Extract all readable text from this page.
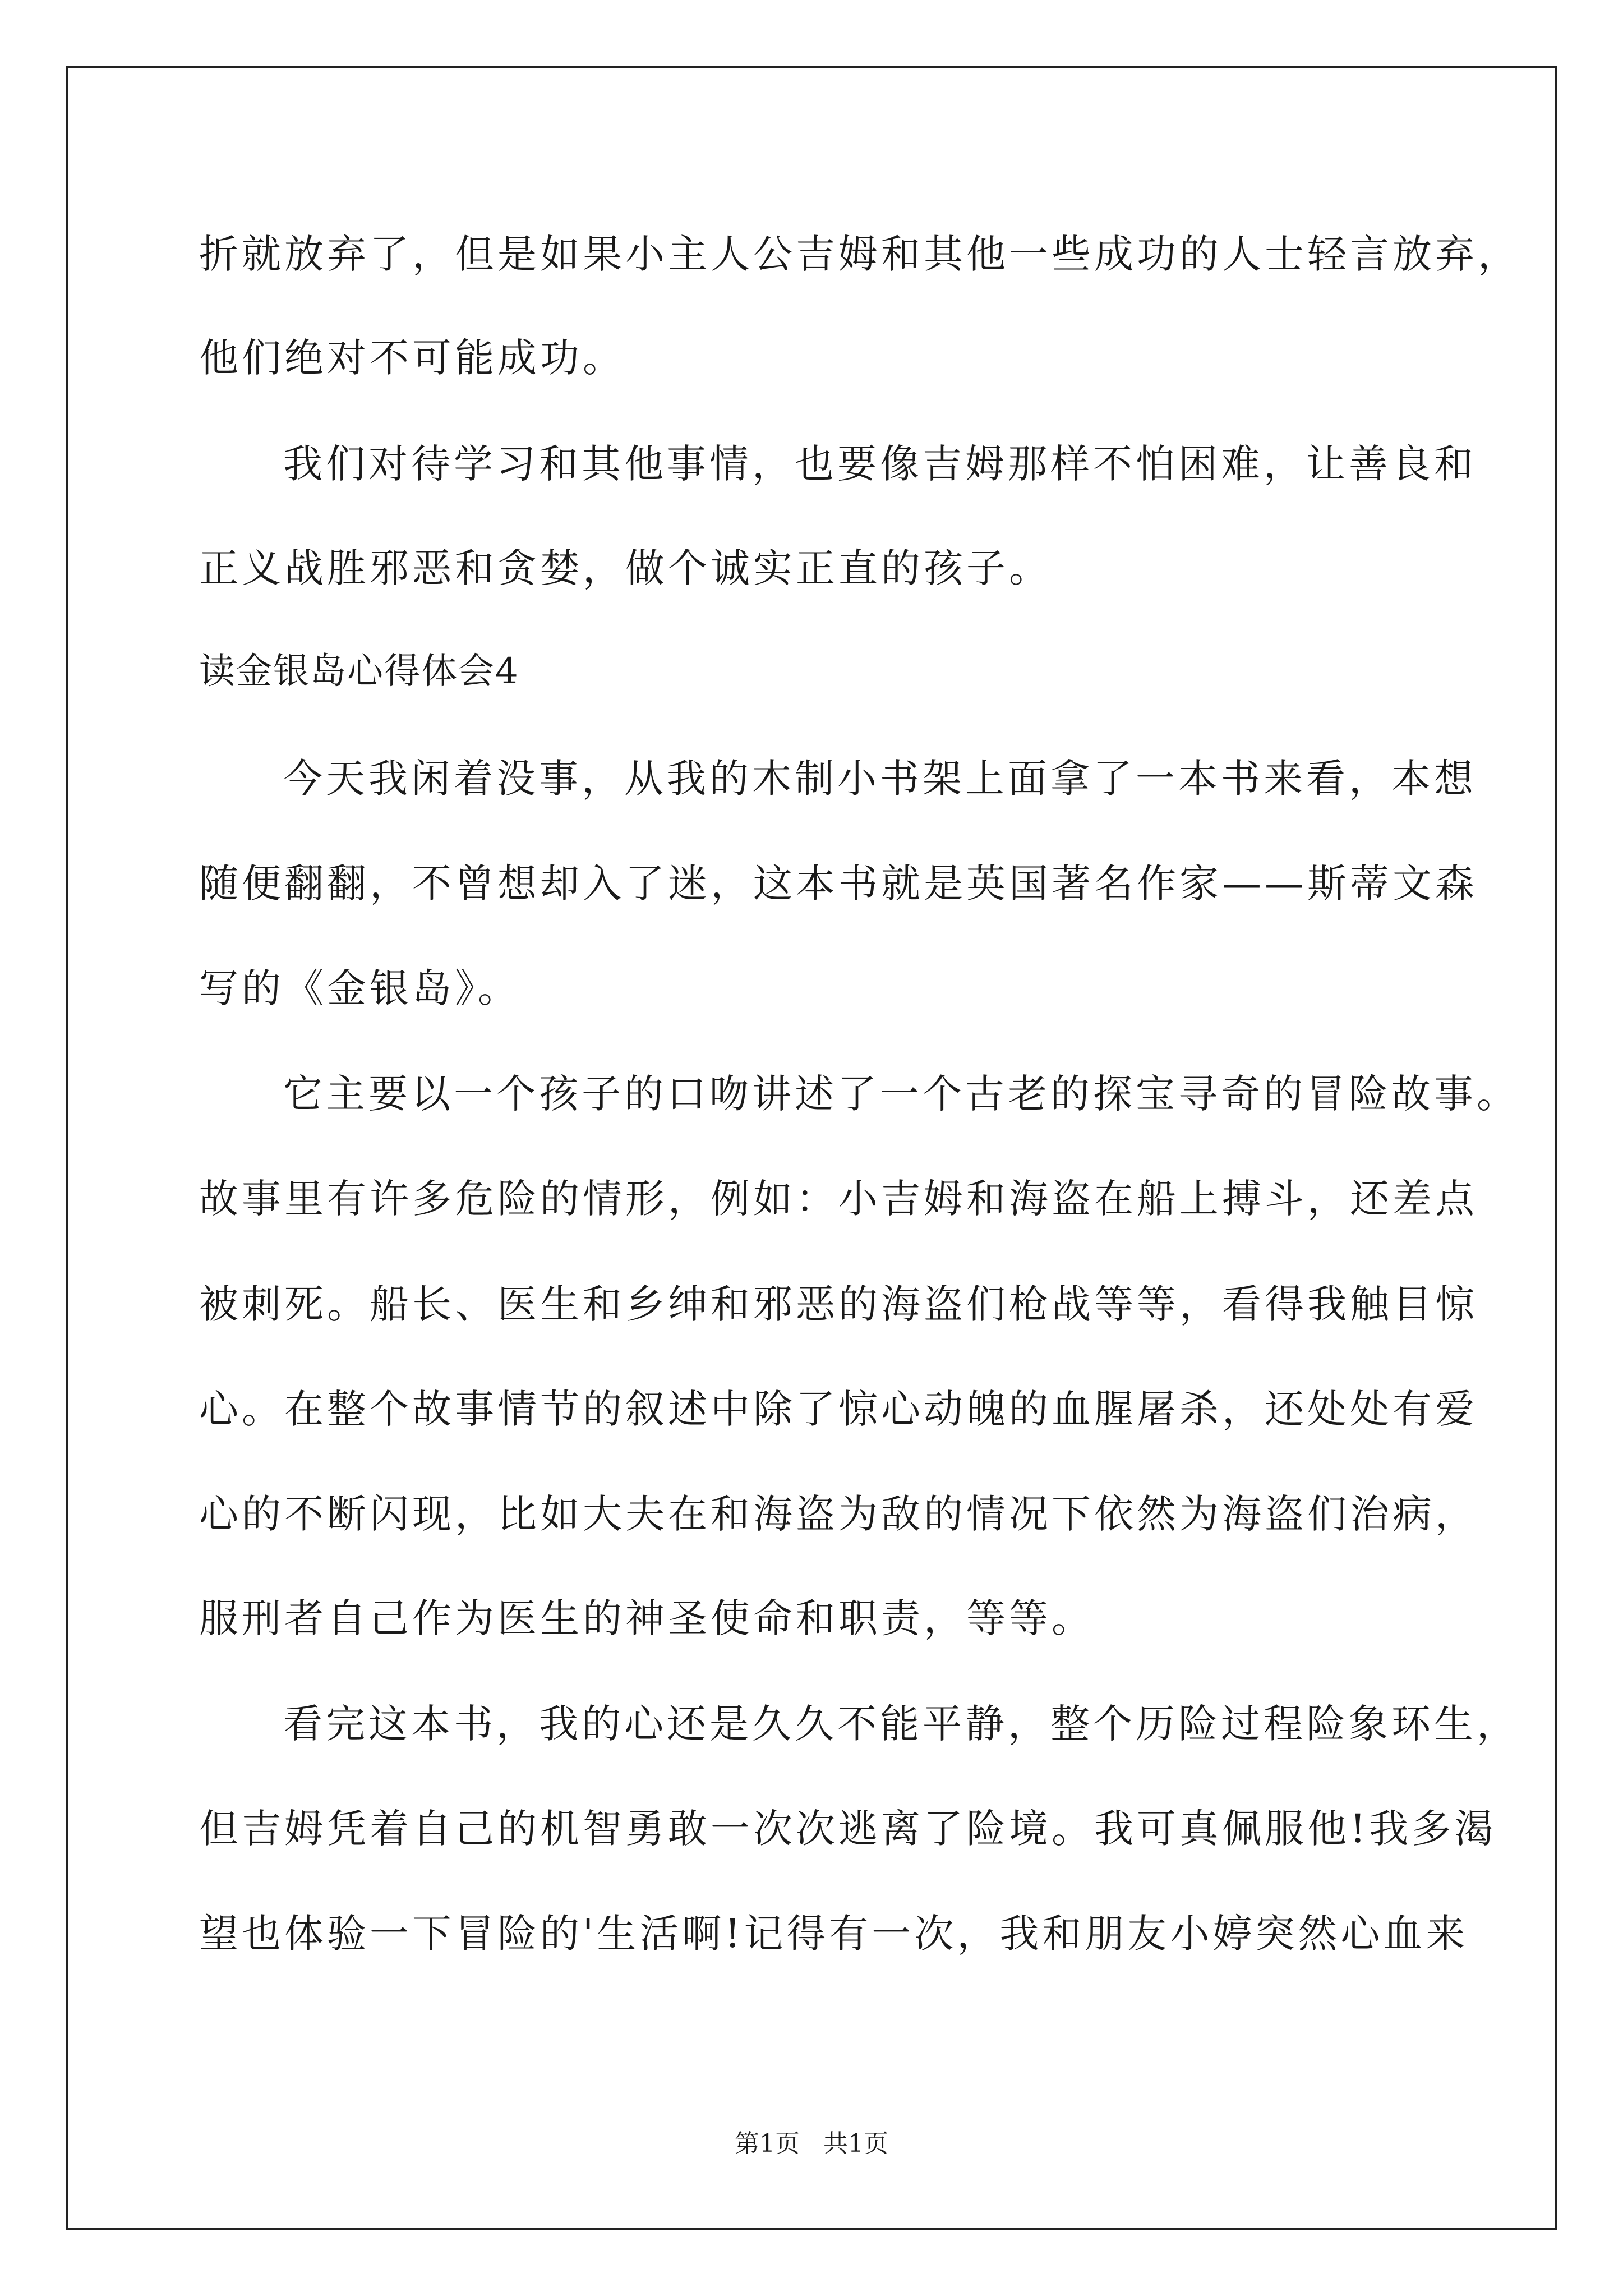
折就放弃了，但是如果小主人公吉姆和其他一些成功的人士轻言放弃，
他们绝对不可能成功。
我们对待学习和其他事情，也要像吉姆那样不怕困难，让善良和
正义战胜邪恶和贪婪，做个诚实正直的孩子。
读金银岛心得体会4
今天我闲着没事，从我的木制小书架上面拿了一本书来看，本想
随便翻翻，不曾想却入了迷，这本书就是英国著名作家——斯蒂文森
写的《金银岛》。
它主要以一个孩子的口吻讲述了一个古老的探宝寻奇的冒险故事。
故事里有许多危险的情形，例如：小吉姆和海盗在船上搏斗，还差点
被刺死。船长、医生和乡绅和邪恶的海盗们枪战等等，看得我触目惊
心。在整个故事情节的叙述中除了惊心动魄的血腥屠杀，还处处有爱
心的不断闪现，比如大夫在和海盗为敌的情况下依然为海盗们治病，
服刑者自己作为医生的神圣使命和职责，等等。
看完这本书，我的心还是久久不能平静，整个历险过程险象环生，
但吉姆凭着自己的机智勇敢一次次逃离了险境。我可真佩服他!我多渴
望也体验一下冒险的'生活啊!记得有一次，我和朋友小婷突然心血来
第1页   共1页
